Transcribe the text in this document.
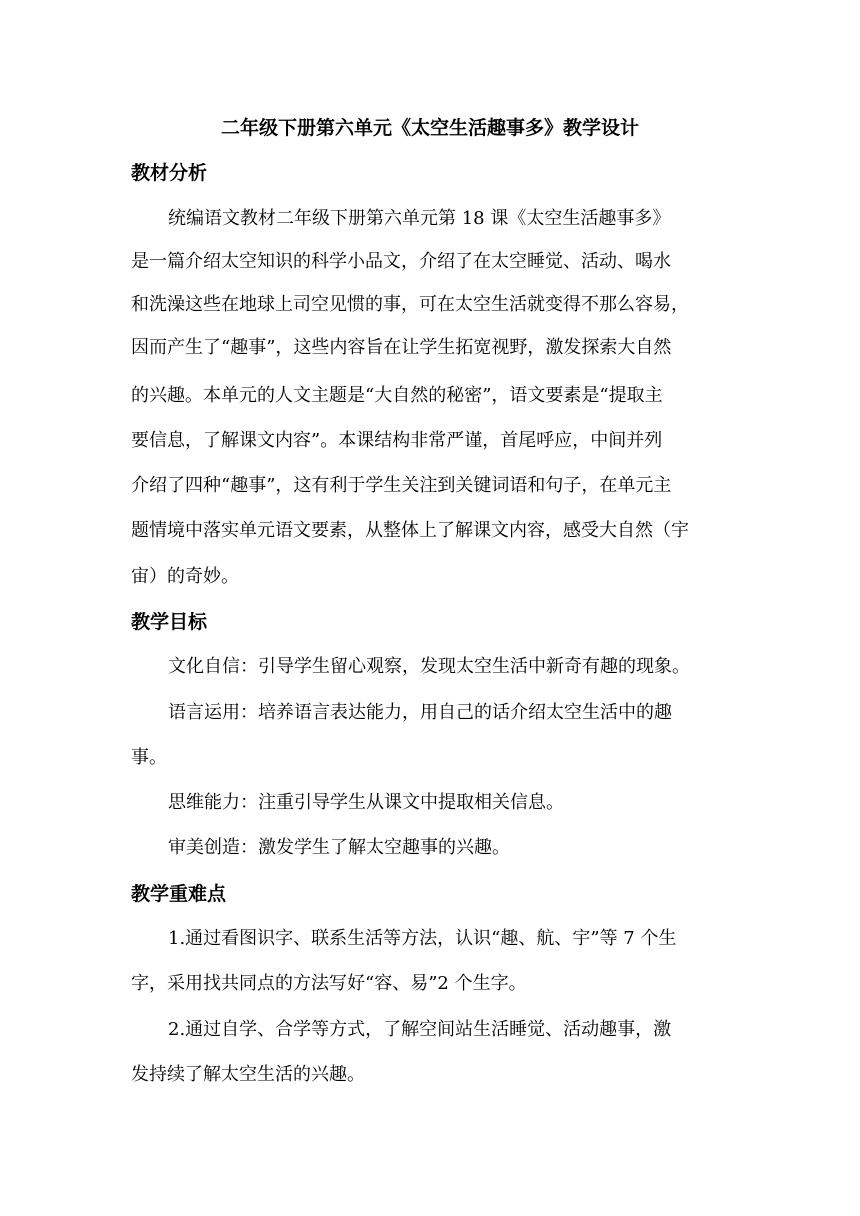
二年级下册第六单元《太空生活趣事多》教学设计
教材分析
统编语文教材二年级下册第六单元第 18 课《太空生活趣事多》
是一篇介绍太空知识的科学小品文，介绍了在太空睡觉、活动、喝水
和洗澡这些在地球上司空见惯的事，可在太空生活就变得不那么容易，
因而产生了“趣事”，这些内容旨在让学生拓宽视野，激发探索大自然
的兴趣。本单元的人文主题是“大自然的秘密”，语文要素是“提取主
要信息，了解课文内容”。本课结构非常严谨，首尾呼应，中间并列
介绍了四种“趣事”，这有利于学生关注到关键词语和句子，在单元主
题情境中落实单元语文要素，从整体上了解课文内容，感受大自然（宇
宙）的奇妙。
教学目标
文化自信：引导学生留心观察，发现太空生活中新奇有趣的现象。
语言运用：培养语言表达能力，用自己的话介绍太空生活中的趣
事。
思维能力：注重引导学生从课文中提取相关信息。
审美创造：激发学生了解太空趣事的兴趣。
教学重难点
1.通过看图识字、联系生活等方法，认识“趣、航、宇”等 7 个生
字，采用找共同点的方法写好“容、易”2 个生字。
2.通过自学、合学等方式，了解空间站生活睡觉、活动趣事，激
发持续了解太空生活的兴趣。
